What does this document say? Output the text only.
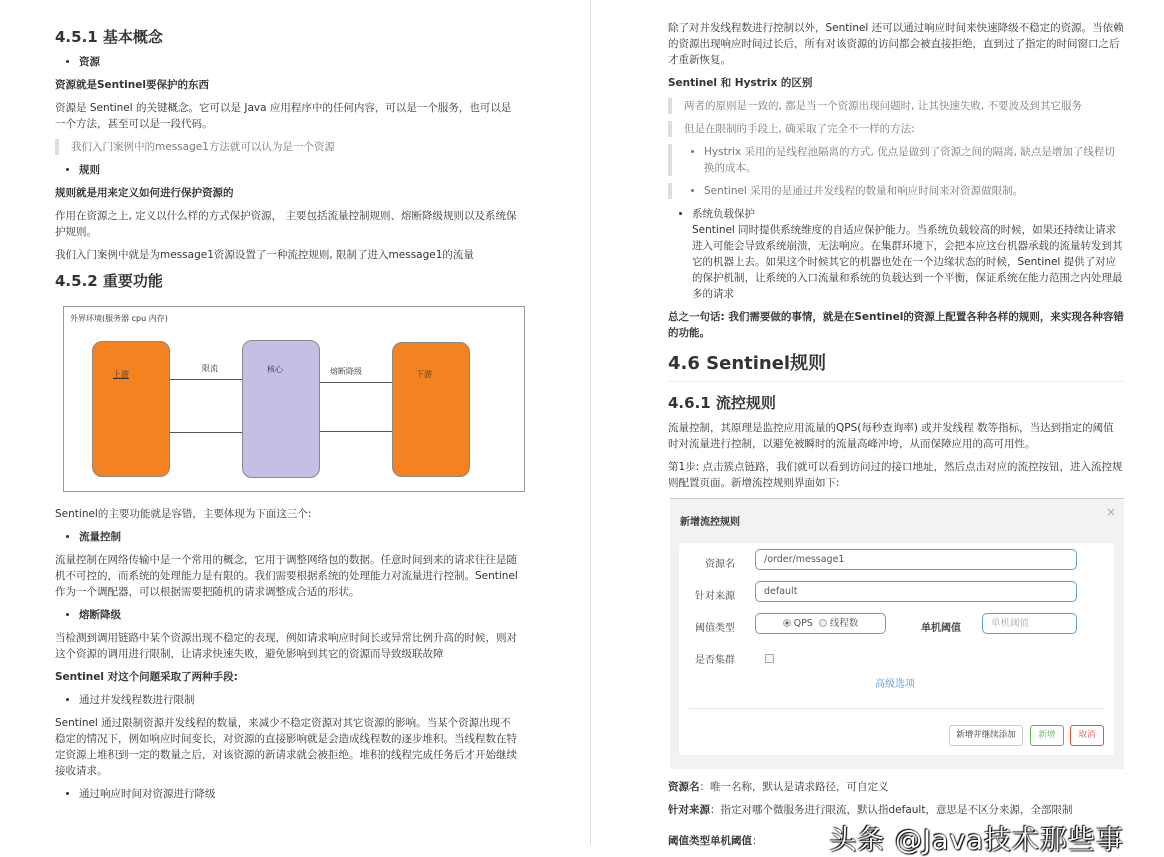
4.5.1 基本概念
• 资源

资源就是Sentinel要保护的东西

资源是 Sentinel 的关键概念。它可以是 Java 应用程序中的任何内容，可以是一个服务，也可以是一个方法，甚至可以是一段代码。

我们入门案例中的message1方法就可以认为是一个资源
• 规则

规则就是用来定义如何进行保护资源的

作用在资源之上, 定义以什么样的方式保护资源， 主要包括流量控制规则、熔断降级规则以及系统保护规则。

我们入门案例中就是为message1资源设置了一种流控规则, 限制了进入message1的流量

4.5.2 重要功能
外界环境(服务器 cpu 内存)
上游
核心
下游
限流	熔断降级

Sentinel的主要功能就是容错，主要体现为下面这三个:

• 流量控制

流量控制在网络传输中是一个常用的概念，它用于调整网络包的数据。任意时间到来的请求往往是随机不可控的，而系统的处理能力是有限的。我们需要根据系统的处理能力对流量进行控制。Sentinel 作为一个调配器，可以根据需要把随机的请求调整成合适的形状。

• 熔断降级

当检测到调用链路中某个资源出现不稳定的表现，例如请求响应时间长或异常比例升高的时候，则对这个资源的调用进行限制，让请求快速失败，避免影响到其它的资源而导致级联故障

Sentinel 对这个问题采取了两种手段:

• 通过并发线程数进行限制

Sentinel 通过限制资源并发线程的数量，来减少不稳定资源对其它资源的影响。当某个资源出现不稳定的情况下，例如响应时间变长，对资源的直接影响就是会造成线程数的逐步堆积。当线程数在特定资源上堆积到一定的数量之后，对该资源的新请求就会被拒绝。堆积的线程完成任务后才开始继续接收请求。

• 通过响应时间对资源进行降级

除了对并发线程数进行控制以外，Sentinel 还可以通过响应时间来快速降级不稳定的资源。当依赖的资源出现响应时间过长后，所有对该资源的访问都会被直接拒绝，直到过了指定的时间窗口之后才重新恢复。

Sentinel 和 Hystrix 的区别

两者的原则是一致的, 都是当一个资源出现问题时, 让其快速失败, 不要波及到其它服务
但是在限制的手段上, 确采取了完全不一样的方法:
• Hystrix 采用的是线程池隔离的方式, 优点是做到了资源之间的隔离, 缺点是增加了线程切换的成本。
• Sentinel 采用的是通过并发线程的数量和响应时间来对资源做限制。
• 系统负载保护
Sentinel 同时提供系统维度的自适应保护能力。当系统负载较高的时候，如果还持续让请求进入可能会导致系统崩溃，无法响应。在集群环境下，会把本应这台机器承载的流量转发到其它的机器上去。如果这个时候其它的机器也处在一个边缘状态的时候，Sentinel 提供了对应的保护机制，让系统的入口流量和系统的负载达到一个平衡，保证系统在能力范围之内处理最多的请求

总之一句话: 我们需要做的事情，就是在Sentinel的资源上配置各种各样的规则，来实现各种容错的功能。

4.6 Sentinel规则
4.6.1 流控规则

流量控制，其原理是监控应用流量的QPS(每秒查询率) 或并发线程 数等指标，当达到指定的阈值时对流量进行控制，以避免被瞬时的流量高峰冲垮，从而保障应用的高可用性。

第1步: 点击簇点链路，我们就可以看到访问过的接口地址，然后点击对应的流控按钮，进入流控规则配置页面。新增流控规则界面如下:

新增流控规则
×
资源名	/order/message1
针对来源	default
阈值类型	QPS 线程数	单机阈值	单机阈值
是否集群
高级选项
新增并继续添加	新增	取消

资源名：唯一名称，默认是请求路径，可自定义

针对来源：指定对哪个微服务进行限流，默认指default，意思是不区分来源，全部限制

阈值类型单机阈值： 头条 @Java技术那些事
